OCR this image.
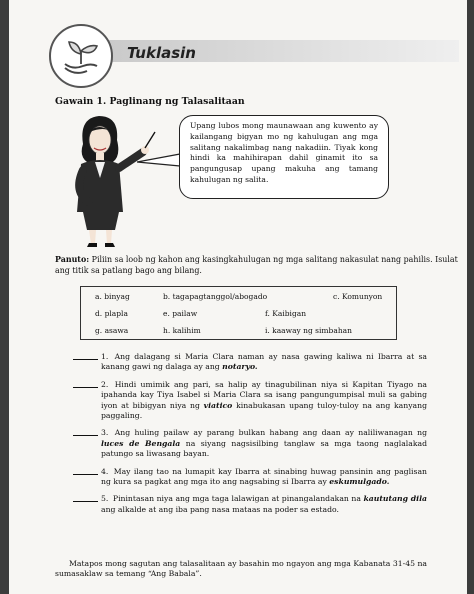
Tuklasin
Gawain 1. Paglinang ng Talasalitaan
Upang lubos mong maunawaan ang kuwento ay kailangang bigyan mo ng kahulugan ang mga salitang nakalimbag nang nakadiin. Tiyak kong hindi ka mahihirapan dahil ginamit ito sa pangungusap upang makuha ang tamang kahulugan ng salita.
Panuto: Piliin sa loob ng kahon ang kasingkahulugan ng mga salitang nakasulat nang pahilis. Isulat ang titik sa patlang bago ang bilang.
a. binyag	b. tagapagtanggol/abogado	c. Komunyon
d. plapla	e. pailaw	f. Kaibigan
g. asawa	h. kalihim	i. kaaway ng simbahan
1. Ang dalagang si Maria Clara naman ay nasa gawing kaliwa ni Ibarra at sa kanang gawi ng dalaga ay ang notaryo.
2. Hindi umimik ang pari, sa halip ay tinagubilinan niya si Kapitan Tiyago na ipahanda kay Tiya Isabel si Maria Clara sa isang pangungumpisal muli sa gabing iyon at bibigyan niya ng viatico kinabukasan upang tuloy-tuloy na ang kanyang paggaling.
3. Ang huling pailaw ay parang bulkan habang ang daan ay naliliwanagan ng luces de Bengala na siyang nagsisilbing tanglaw sa mga taong naglalakad patungo sa liwasang bayan.
4. May ilang tao na lumapit kay Ibarra at sinabing huwag pansinin ang paglisan ng kura sa pagkat ang mga ito ang nagsabing si Ibarra ay eskumulgado.
5. Pinintasan niya ang mga taga lalawigan at pinangalandakan na kaututang dila ang alkalde at ang iba pang nasa mataas na poder sa estado.
Matapos mong sagutan ang talasalitaan ay basahin mo ngayon ang mga Kabanata 31-45 na sumasaklaw sa temang “Ang Babala”.
